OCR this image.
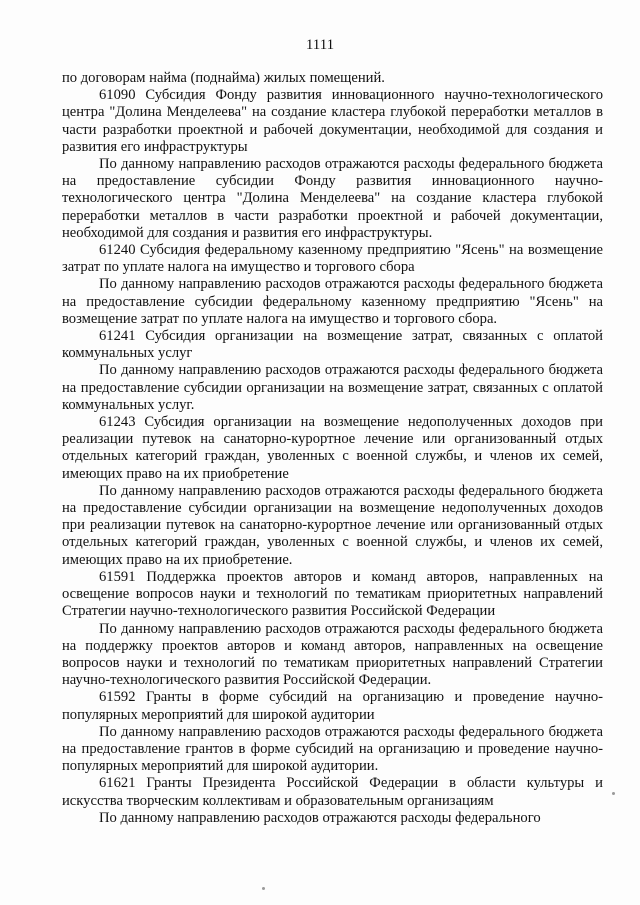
1111

по договорам найма (поднайма) жилых помещений.

61090 Субсидия Фонду развития инновационного научно-технологического центра "Долина Менделеева" на создание кластера глубокой переработки металлов в части разработки проектной и рабочей документации, необходимой для создания и развития его инфраструктуры

По данному направлению расходов отражаются расходы федерального бюджета на предоставление субсидии Фонду развития инновационного научно-технологического центра "Долина Менделеева" на создание кластера глубокой переработки металлов в части разработки проектной и рабочей документации, необходимой для создания и развития его инфраструктуры.

61240 Субсидия федеральному казенному предприятию "Ясень" на возмещение затрат по уплате налога на имущество и торгового сбора

По данному направлению расходов отражаются расходы федерального бюджета на предоставление субсидии федеральному казенному предприятию "Ясень" на возмещение затрат по уплате налога на имущество и торгового сбора.

61241 Субсидия организации на возмещение затрат, связанных с оплатой коммунальных услуг

По данному направлению расходов отражаются расходы федерального бюджета на предоставление субсидии организации на возмещение затрат, связанных с оплатой коммунальных услуг.

61243 Субсидия организации на возмещение недополученных доходов при реализации путевок на санаторно-курортное лечение или организованный отдых отдельных категорий граждан, уволенных с военной службы, и членов их семей, имеющих право на их приобретение

По данному направлению расходов отражаются расходы федерального бюджета на предоставление субсидии организации на возмещение недополученных доходов при реализации путевок на санаторно-курортное лечение или организованный отдых отдельных категорий граждан, уволенных с военной службы, и членов их семей, имеющих право на их приобретение.

61591 Поддержка проектов авторов и команд авторов, направленных на освещение вопросов науки и технологий по тематикам приоритетных направлений Стратегии научно-технологического развития Российской Федерации

По данному направлению расходов отражаются расходы федерального бюджета на поддержку проектов авторов и команд авторов, направленных на освещение вопросов науки и технологий по тематикам приоритетных направлений Стратегии научно-технологического развития Российской Федерации.

61592 Гранты в форме субсидий на организацию и проведение научно-популярных мероприятий для широкой аудитории

По данному направлению расходов отражаются расходы федерального бюджета на предоставление грантов в форме субсидий на организацию и проведение научно-популярных мероприятий для широкой аудитории.

61621 Гранты Президента Российской Федерации в области культуры и искусства творческим коллективам и образовательным организациям

По данному направлению расходов отражаются расходы федерального
